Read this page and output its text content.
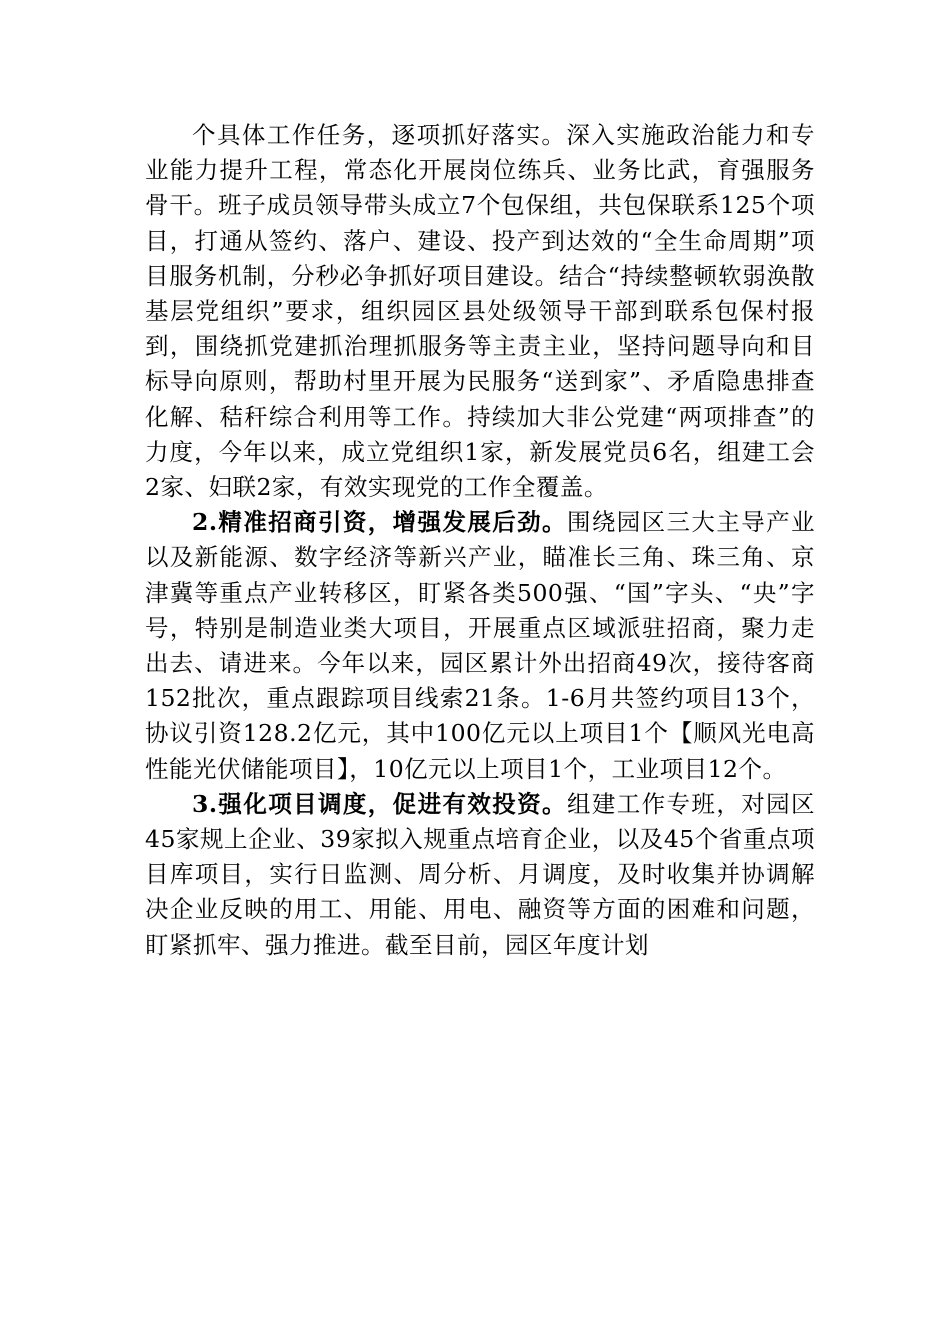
个具体工作任务，逐项抓好落实。深入实施政治能力和专业能力提升工程，常态化开展岗位练兵、业务比武，育强服务骨干。班子成员领导带头成立7个包保组，共包保联系125个项目，打通从签约、落户、建设、投产到达效的“全生命周期”项目服务机制，分秒必争抓好项目建设。结合“持续整顿软弱涣散基层党组织”要求，组织园区县处级领导干部到联系包保村报到，围绕抓党建抓治理抓服务等主责主业，坚持问题导向和目标导向原则，帮助村里开展为民服务“送到家”、矛盾隐患排查化解、秸秆综合利用等工作。持续加大非公党建“两项排查”的力度，今年以来，成立党组织1家，新发展党员6名，组建工会2家、妇联2家，有效实现党的工作全覆盖。

2.精准招商引资，增强发展后劲。围绕园区三大主导产业以及新能源、数字经济等新兴产业，瞄准长三角、珠三角、京津冀等重点产业转移区，盯紧各类500强、“国”字头、“央”字号，特别是制造业类大项目，开展重点区域派驻招商，聚力走出去、请进来。今年以来，园区累计外出招商49次，接待客商152批次，重点跟踪项目线索21条。1-6月共签约项目13个，协议引资128.2亿元，其中100亿元以上项目1个【顺风光电高性能光伏储能项目】，10亿元以上项目1个，工业项目12个。

3.强化项目调度，促进有效投资。组建工作专班，对园区45家规上企业、39家拟入规重点培育企业，以及45个省重点项目库项目，实行日监测、周分析、月调度，及时收集并协调解决企业反映的用工、用能、用电、融资等方面的困难和问题，盯紧抓牢、强力推进。截至目前，园区年度计划
